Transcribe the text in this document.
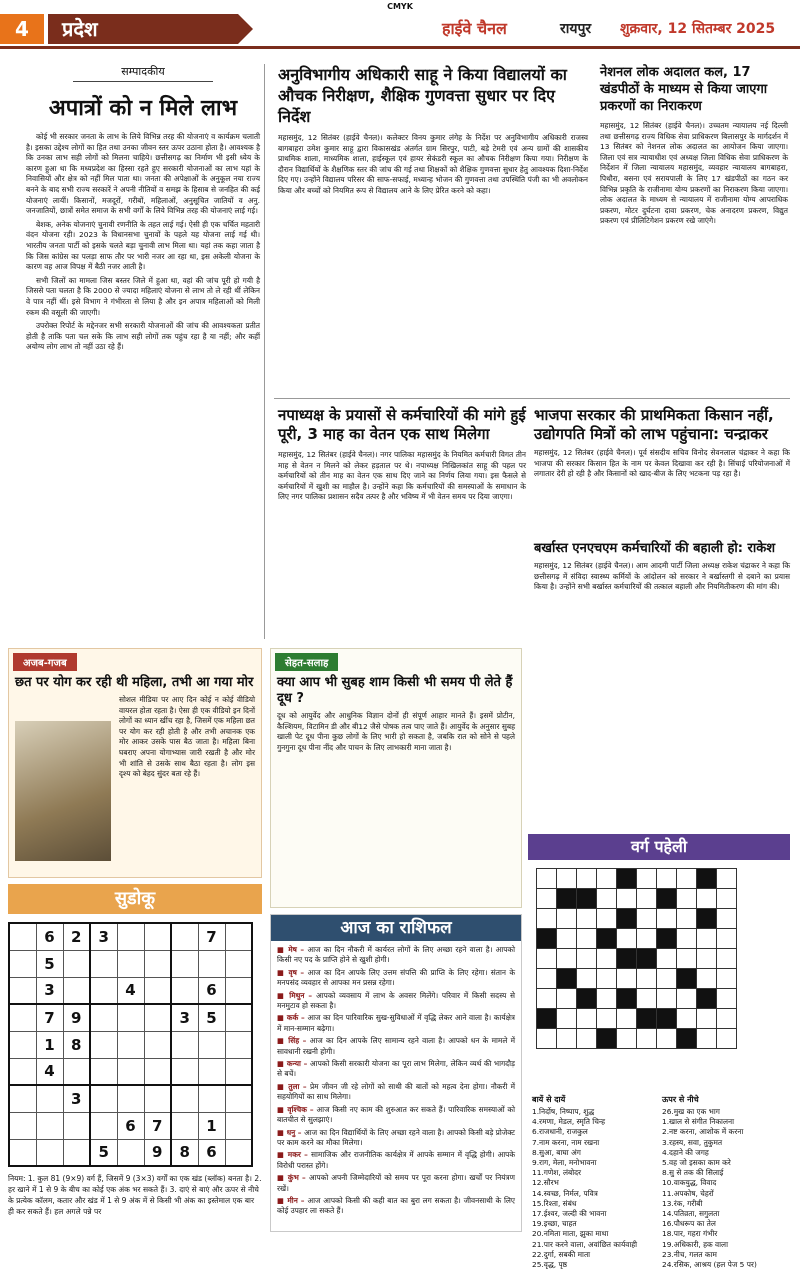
CMYK
4	प्रदेश	हाईवे चैनल	रायपुर शुक्रवार, 12 सितम्बर 2025
सम्पादकीय
अपात्रों को न मिले लाभ

कोई भी सरकार जनता के लाभ के लिये विभिन्न तरह की योजनाएं व कार्यक्रम चलाती है। इसका उद्देश्य लोगों का हित तथा उनका जीवन स्तर ऊपर उठाना होता है। आवश्यक है कि उनका लाभ सही लोगों को मिलना चाहिये। छत्तीसगढ़ का निर्माण भी इसी ध्येय के कारण हुआ था कि मध्यप्रदेश का हिस्सा रहते हुए सरकारी योजनाओं का लाभ यहां के निवासियों और क्षेत्र को नहीं मिल पाता था। जनता की अपेक्षाओं के अनुकूल नया राज्य बनने के बाद सभी राज्य सरकारें ने अपनी नीतियों व समझ के हिसाब से जनहित की कई योजनाएं लायीं। किसानों, मजदूरों, गरीबों, महिलाओं, अनुसूचित जातियों व अनु. जनजातियों, छात्रों समेत समाज के सभी वर्गों के लिये विभिन्न तरह की योजनाएं लाई गई।

बेशक, अनेक योजनाएं चुनावी रणनीति के तहत लाई गई। ऐसी ही एक चर्चित महतारी वंदन योजना रही। 2023 के विधानसभा चुनावों के पहले यह योजना लाई गई थी। भारतीय जनता पार्टी को इसके चलते बड़ा चुनावी लाभ मिला था। यहां तक कहा जाता है कि जिस कांग्रेस का पलड़ा साफ तौर पर भारी नजर आ रहा था, इस अकेली योजना के कारण वह आज विपक्ष में बैठी नजर आती है।

सभी जिलों का मामला जिस बस्तर जिले में हुआ था, वहां की जांच पूरी हो गयी है जिससे पता चलता है कि 2000 से ज्यादा महिलाएं योजना से लाभ तो ले रही थीं लेकिन वे पात्र नहीं थीं। इसे विभाग ने गंभीरता से लिया है और इन अपात्र महिलाओं को मिली रकम की वसूली की जाएगी।

उपरोक्त रिपोर्ट के मद्देनजर सभी सरकारी योजनाओं की जांच की आवश्यकता प्रतीत होती है ताकि पता चल सके कि लाभ सही लोगों तक पहुंच रहा है या नहीं; और कहीं अयोग्य लोग लाभ तो नहीं उठा रहे हैं।

अनुविभागीय अधिकारी साहू ने किया विद्यालयों का औचक निरीक्षण, शैक्षिक गुणवत्ता सुधार पर दिए निर्देश
महासमुंद, 12 सितंबर (हाईवे चैनल)। कलेक्टर विनय कुमार लंगेह के निर्देश पर अनुविभागीय अधिकारी राजस्व बागबाहरा उमेश कुमार साहू द्वारा विकासखंड अंतर्गत ग्राम सिरपुर, पाटी, बड़े टेमरी एवं अन्य ग्रामों की शासकीय प्राथमिक शाला, माध्यमिक शाला, हाईस्कूल एवं हायर सेकंडरी स्कूल का औचक निरीक्षण किया गया। निरीक्षण के दौरान विद्यार्थियों के शैक्षणिक स्तर की जांच की गई तथा शिक्षकों को शैक्षिक गुणवत्ता सुधार हेतु आवश्यक दिशा-निर्देश दिए गए। उन्होंने विद्यालय परिसर की साफ-सफाई, मध्यान्ह भोजन की गुणवत्ता तथा उपस्थिति पंजी का भी अवलोकन किया और बच्चों को नियमित रूप से विद्यालय आने के लिए प्रेरित करने को कहा।
नेशनल लोक अदालत कल, 17 खंडपीठों के माध्यम से किया जाएगा प्रकरणों का निराकरण
महासमुंद, 12 सितंबर (हाईवे चैनल)। उच्चतम न्यायालय नई दिल्ली तथा छत्तीसगढ़ राज्य विधिक सेवा प्राधिकरण बिलासपुर के मार्गदर्शन में 13 सितंबर को नेशनल लोक अदालत का आयोजन किया जाएगा। जिला एवं सत्र न्यायाधीश एवं अध्यक्ष जिला विधिक सेवा प्राधिकरण के निर्देशन में जिला न्यायालय महासमुंद, व्यवहार न्यायालय बागबाहरा, पिथौरा, बसना एवं सरायपाली के लिए 17 खंडपीठों का गठन कर विभिन्न प्रकृति के राजीनामा योग्य प्रकरणों का निराकरण किया जाएगा। लोक अदालत के माध्यम से न्यायालय में राजीनामा योग्य आपराधिक प्रकरण, मोटर दुर्घटना दावा प्रकरण, चेक अनादरण प्रकरण, विद्युत प्रकरण एवं प्रीलिटिगेशन प्रकरण रखे जाएंगे।
नपाध्यक्ष के प्रयासों से कर्मचारियों की मांगे हुई पूरी, 3 माह का वेतन एक साथ मिलेगा
महासमुंद, 12 सितंबर (हाईवे चैनल)। नगर पालिका महासमुंद के नियमित कर्मचारी विगत तीन माह से वेतन न मिलने को लेकर हड़ताल पर थे। नपाध्यक्ष निखिलकांत साहू की पहल पर कर्मचारियों को तीन माह का वेतन एक साथ दिए जाने का निर्णय लिया गया। इस फैसले से कर्मचारियों में खुशी का माहौल है। उन्होंने कहा कि कर्मचारियों की समस्याओं के समाधान के लिए नगर पालिका प्रशासन सदैव तत्पर है और भविष्य में भी वेतन समय पर दिया जाएगा।
भाजपा सरकार की प्राथमिकता किसान नहीं, उद्योगपति मित्रों को लाभ पहुंचाना: चन्द्राकर
महासमुंद, 12 सितंबर (हाईवे चैनल)। पूर्व संसदीय सचिव विनोद सेवनलाल चंद्राकर ने कहा कि भाजपा की सरकार किसान हित के नाम पर केवल दिखावा कर रही है। सिंचाई परियोजनाओं में लगातार देरी हो रही है और किसानों को खाद-बीज के लिए भटकना पड़ रहा है।
बर्खास्त एनएचएम कर्मचारियों की बहाली हो: राकेश
महासमुंद, 12 सितंबर (हाईवे चैनल)। आम आदमी पार्टी जिला अध्यक्ष राकेश चंद्राकर ने कहा कि छत्तीसगढ़ में संविदा स्वास्थ्य कर्मियों के आंदोलन को सरकार ने बर्खास्तगी से दबाने का प्रयास किया है। उन्होंने सभी बर्खास्त कर्मचारियों की तत्काल बहाली और नियमितीकरण की मांग की।
अजब-गजब
छत पर योग कर रही थी महिला, तभी आ गया मोर
सोशल मीडिया पर आए दिन कोई न कोई वीडियो वायरल होता रहता है। ऐसा ही एक वीडियो इन दिनों लोगों का ध्यान खींच रहा है, जिसमें एक महिला छत पर योग कर रही होती है और तभी अचानक एक मोर आकर उसके पास बैठ जाता है। महिला बिना घबराए अपना योगाभ्यास जारी रखती है और मोर भी शांति से उसके साथ बैठा रहता है। लोग इस दृश्य को बेहद सुंदर बता रहे हैं।
सेहत-सलाह
क्या आप भी सुबह शाम किसी भी समय पी लेते हैं दूध ?
दूध को आयुर्वेद और आधुनिक विज्ञान दोनों ही संपूर्ण आहार मानते हैं। इसमें प्रोटीन, कैल्शियम, विटामिन डी और बी12 जैसे पोषक तत्व पाए जाते हैं। आयुर्वेद के अनुसार सुबह खाली पेट दूध पीना कुछ लोगों के लिए भारी हो सकता है, जबकि रात को सोने से पहले गुनगुना दूध पीना नींद और पाचन के लिए लाभकारी माना जाता है।
सुडोकू
	6	2	3				7	
	5							
	3			4			6	
	7	9				3	5	
	1	8						
	4							
		3						
				6	7		1	
			5		9	8	6	
नियम: 1. कुल 81 (9×9) वर्ग हैं, जिसमें 9 (3×3) वर्गों का एक खंड (ब्लॉक) बनता है। 2. हर खाने में 1 से 9 के बीच का कोई एक अंक भर सकते हैं। 3. दाएं से बाएं और ऊपर से नीचे के प्रत्येक कॉलम, कतार और खंड में 1 से 9 अंक में से किसी भी अंक का इस्तेमाल एक बार ही कर सकते हैं। हल अगले पन्ने पर
आज का राशिफल
■ मेष – आज का दिन नौकरी में कार्यरत लोगों के लिए अच्छा रहने वाला है। आपको किसी नए पद के प्राप्ति होने से खुशी होगी।
■ वृष – आज का दिन आपके लिए उत्तम संपत्ति की प्राप्ति के लिए रहेगा। संतान के मनपसंद व्यवहार से आपका मन प्रसन्न रहेगा।
■ मिथुन – आपको व्यवसाय में लाभ के अवसर मिलेंगे। परिवार में किसी सदस्य से मनमुटाव हो सकता है।
■ कर्क – आज का दिन पारिवारिक सुख-सुविधाओं में वृद्धि लेकर आने वाला है। कार्यक्षेत्र में मान-सम्मान बढ़ेगा।
■ सिंह – आज का दिन आपके लिए सामान्य रहने वाला है। आपको धन के मामले में सावधानी रखनी होगी।
■ कन्या – आपको किसी सरकारी योजना का पूरा लाभ मिलेगा, लेकिन व्यर्थ की भागदौड़ से बचें।
■ तुला – प्रेम जीवन जी रहे लोगों को साथी की बातों को महत्व देना होगा। नौकरी में सहयोगियों का साथ मिलेगा।
■ वृश्चिक – आज किसी नए काम की शुरुआत कर सकते हैं। पारिवारिक समस्याओं को बातचीत से सुलझाएं।
■ धनु – आज का दिन विद्यार्थियों के लिए अच्छा रहने वाला है। आपको किसी बड़े प्रोजेक्ट पर काम करने का मौका मिलेगा।
■ मकर – सामाजिक और राजनीतिक कार्यक्षेत्र में आपके सम्मान में वृद्धि होगी। आपके विरोधी परास्त होंगे।
■ कुंभ – आपको अपनी जिम्मेदारियों को समय पर पूरा करना होगा। खर्चों पर नियंत्रण रखें।
■ मीन – आज आपको किसी की कही बात का बुरा लग सकता है। जीवनसाथी के लिए कोई उपहार ला सकते हैं।
वर्ग पहेली

बायें से दायें
1.निर्दोष, निष्पाप, शुद्ध
4.रमणा, मेडल, स्मृति चिन्ह
6.राजधानी, राजकुल
7.नाम करना, नाम रखना
8.सुआ, बाघा अंग
9.राग, मेला, मनोभावना
11.गणेश, लंबोदर
12.सौरभ
14.स्वच्छ, निर्मल, पवित्र
15.रिश्ता, संबंध
17.ईश्वर, जल्दी की भावना
19.इच्छा, चाहत
20.नमिता माता, झुका माथा
21.पार करने वाला, अवांछित कार्यवाही
22.दुर्गा, सबकी माता
25.वृद्ध, पृष्ठ
ऊपर से नीचे
26.मुख का एक भाग
1.खाल से संगीत निकालना
2.नष्ट करना, आशोक में करना
3.रहस्य, सवा, तुकुमत
4.दहाने की जगह
5.वह जो इसका काम करे
8.सु से तक की सिलाई
10.वाकयुद्ध, विवाद
11.अपकोष, चेहरों
13.रंक, गरीबी
14.पतिव्रता, सगुलता
16.पौधरूप का तेल
18.पार, गहरा गंभीर
19.अधिकारी, हक वाला
23.नीच, गलत काम
24.रसिक, आश्रय (हल पेज 5 पर)
